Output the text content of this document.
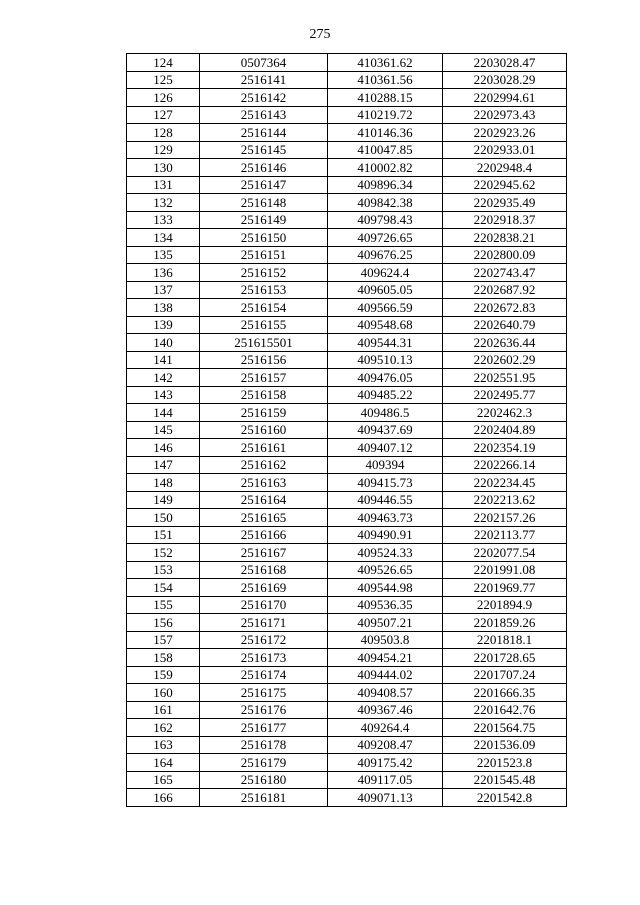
275
124	0507364	410361.62	2203028.47
125	2516141	410361.56	2203028.29
126	2516142	410288.15	2202994.61
127	2516143	410219.72	2202973.43
128	2516144	410146.36	2202923.26
129	2516145	410047.85	2202933.01
130	2516146	410002.82	2202948.4
131	2516147	409896.34	2202945.62
132	2516148	409842.38	2202935.49
133	2516149	409798.43	2202918.37
134	2516150	409726.65	2202838.21
135	2516151	409676.25	2202800.09
136	2516152	409624.4	2202743.47
137	2516153	409605.05	2202687.92
138	2516154	409566.59	2202672.83
139	2516155	409548.68	2202640.79
140	251615501	409544.31	2202636.44
141	2516156	409510.13	2202602.29
142	2516157	409476.05	2202551.95
143	2516158	409485.22	2202495.77
144	2516159	409486.5	2202462.3
145	2516160	409437.69	2202404.89
146	2516161	409407.12	2202354.19
147	2516162	409394	2202266.14
148	2516163	409415.73	2202234.45
149	2516164	409446.55	2202213.62
150	2516165	409463.73	2202157.26
151	2516166	409490.91	2202113.77
152	2516167	409524.33	2202077.54
153	2516168	409526.65	2201991.08
154	2516169	409544.98	2201969.77
155	2516170	409536.35	2201894.9
156	2516171	409507.21	2201859.26
157	2516172	409503.8	2201818.1
158	2516173	409454.21	2201728.65
159	2516174	409444.02	2201707.24
160	2516175	409408.57	2201666.35
161	2516176	409367.46	2201642.76
162	2516177	409264.4	2201564.75
163	2516178	409208.47	2201536.09
164	2516179	409175.42	2201523.8
165	2516180	409117.05	2201545.48
166	2516181	409071.13	2201542.8
